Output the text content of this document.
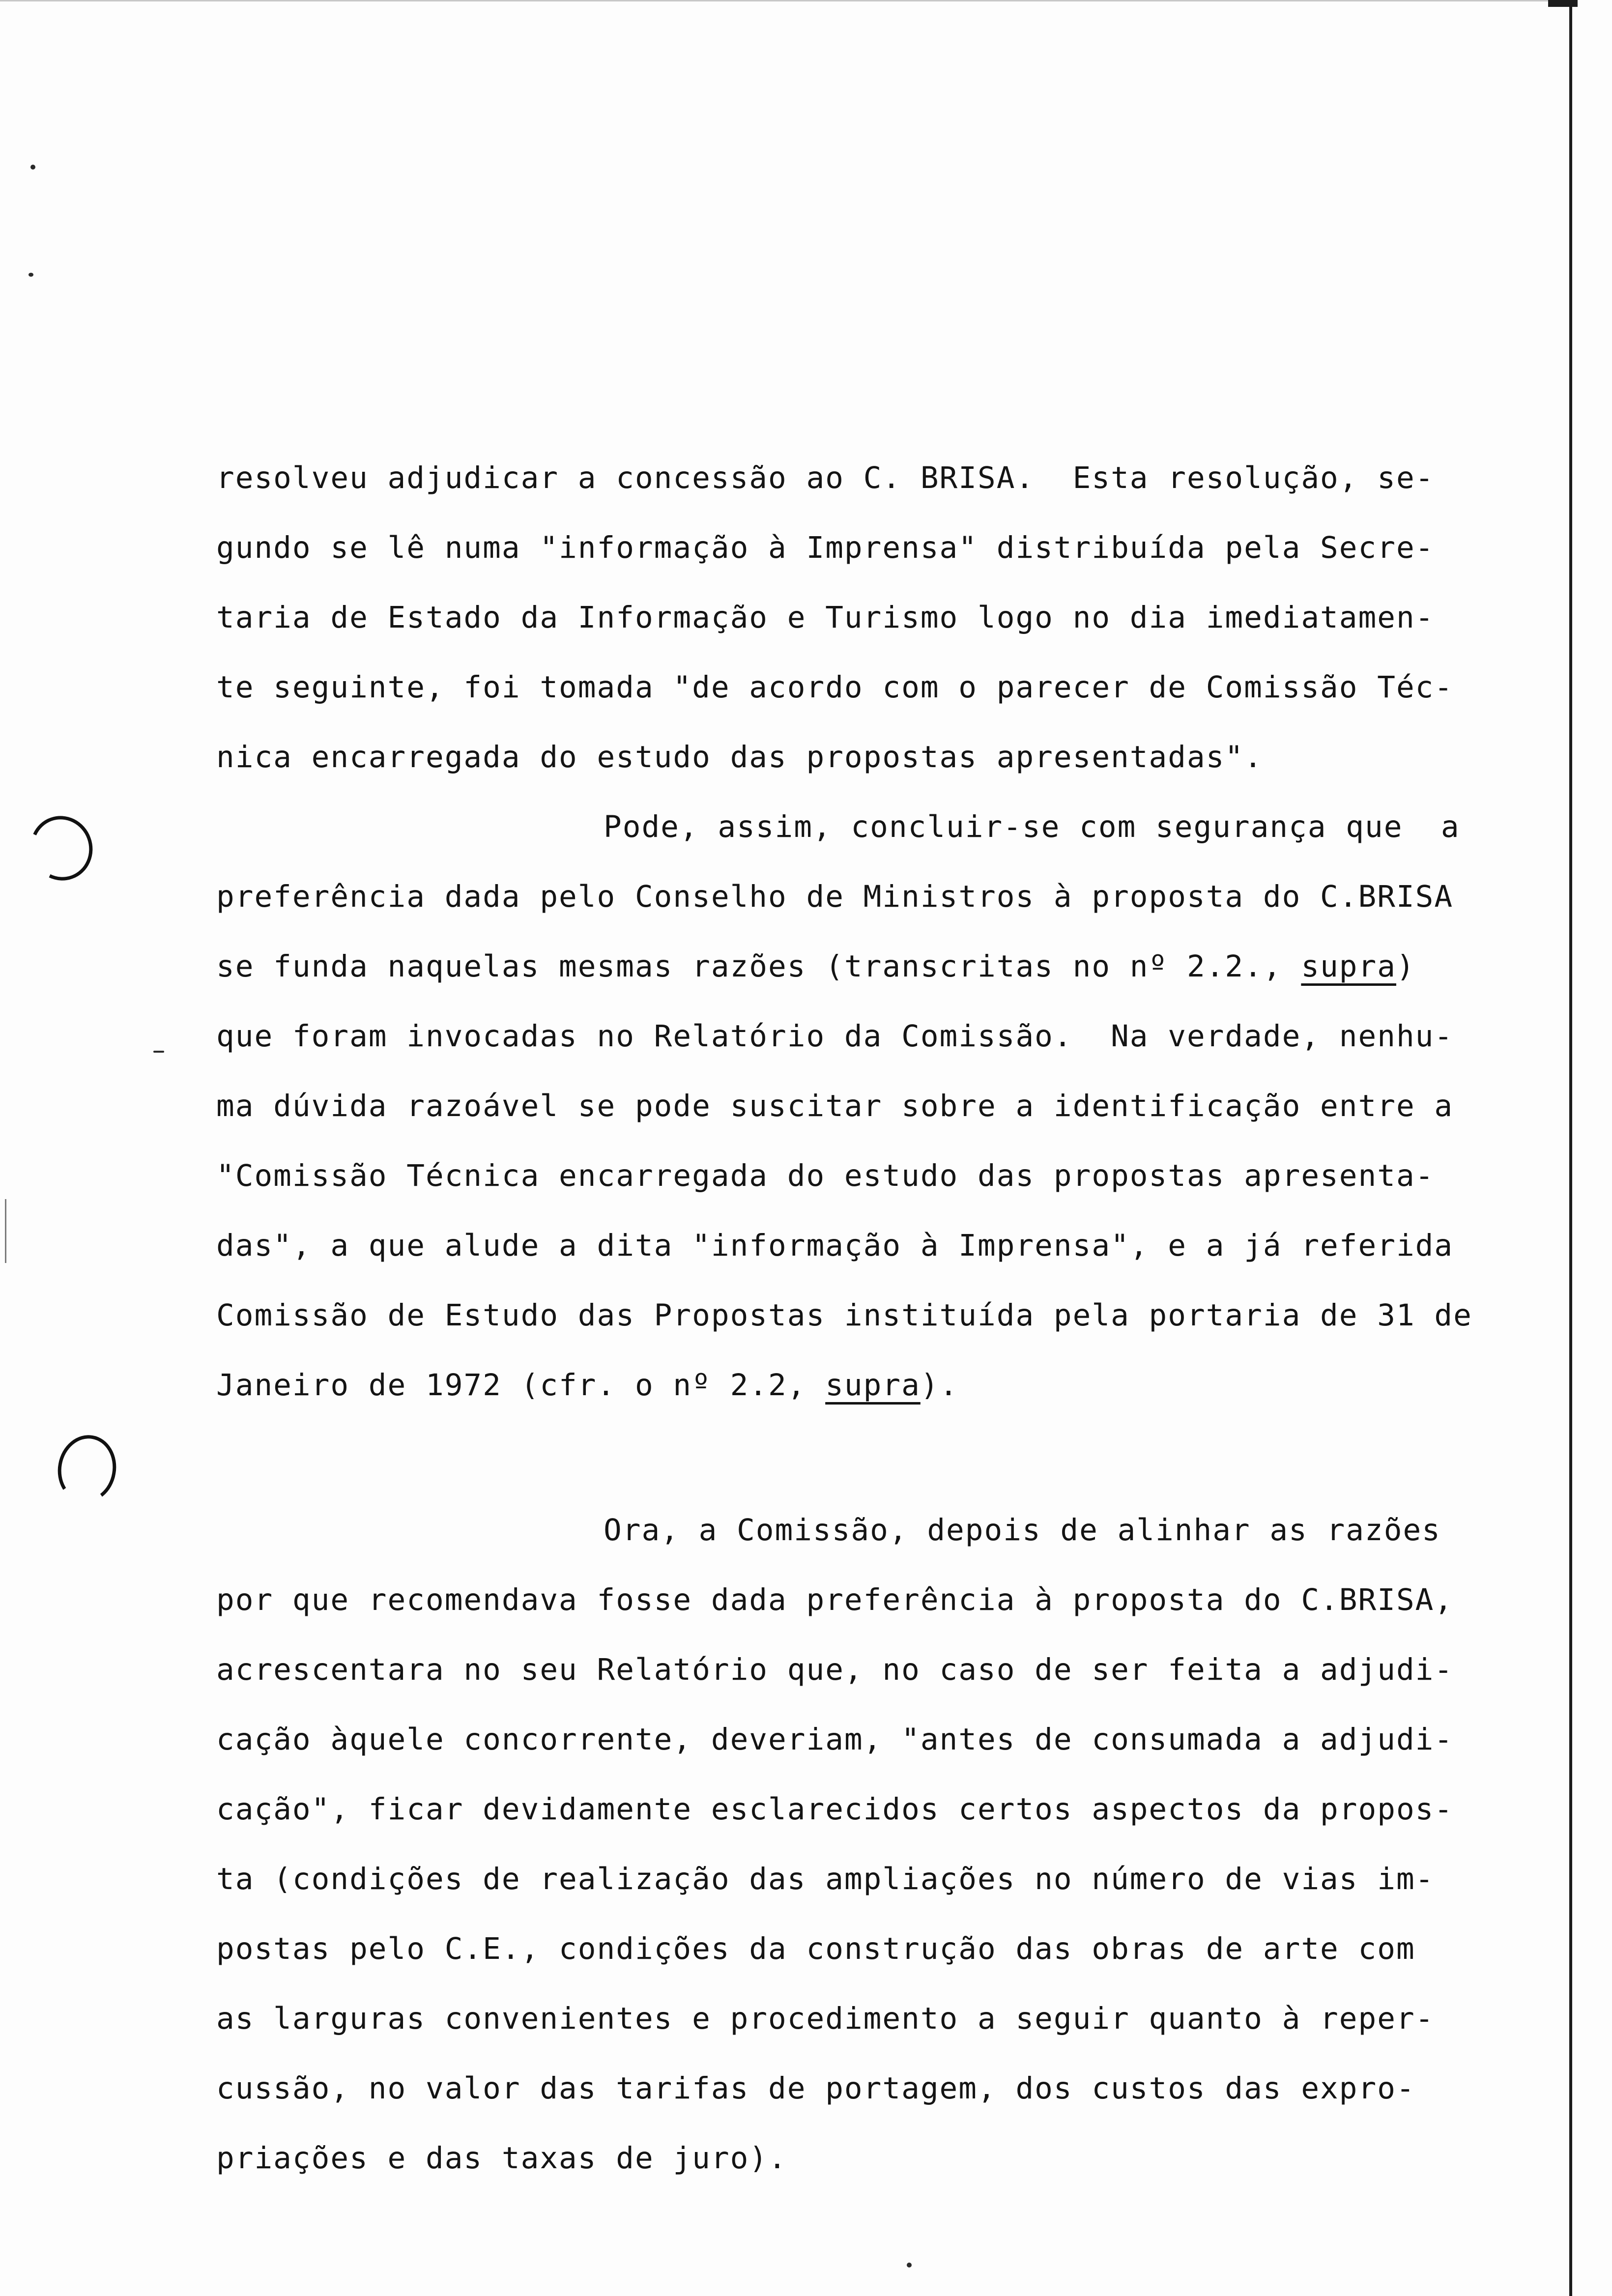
resolveu adjudicar a concessão ao C. BRISA.  Esta resolução, se-
gundo se lê numa "informação à Imprensa" distribuída pela Secre-
taria de Estado da Informação e Turismo logo no dia imediatamen-
te seguinte, foi tomada "de acordo com o parecer de Comissão Téc-
nica encarregada do estudo das propostas apresentadas".
Pode, assim, concluir-se com segurança que  a
preferência dada pelo Conselho de Ministros à proposta do C.BRISA
se funda naquelas mesmas razões (transcritas no nº 2.2., supra)
que foram invocadas no Relatório da Comissão.  Na verdade, nenhu-
ma dúvida razoável se pode suscitar sobre a identificação entre a
"Comissão Técnica encarregada do estudo das propostas apresenta-
das", a que alude a dita "informação à Imprensa", e a já referida
Comissão de Estudo das Propostas instituída pela portaria de 31 de
Janeiro de 1972 (cfr. o nº 2.2, supra).
Ora, a Comissão, depois de alinhar as razões
por que recomendava fosse dada preferência à proposta do C.BRISA,
acrescentara no seu Relatório que, no caso de ser feita a adjudi-
cação àquele concorrente, deveriam, "antes de consumada a adjudi-
cação", ficar devidamente esclarecidos certos aspectos da propos-
ta (condições de realização das ampliações no número de vias im-
postas pelo C.E., condições da construção das obras de arte com
as larguras convenientes e procedimento a seguir quanto à reper-
cussão, no valor das tarifas de portagem, dos custos das expro-
priações e das taxas de juro).
